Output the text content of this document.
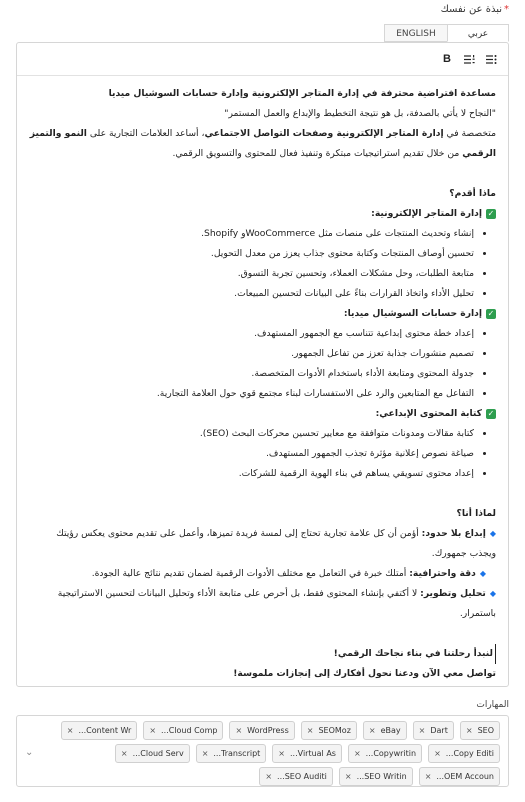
*نبذة عن نفسك
عربي
ENGLISH
B

مساعدة افتراضية محترفة في إدارة المتاجر الإلكترونية وإدارة حسابات السوشيال ميديا

"النجاح لا يأتي بالصدفة، بل هو نتيجة التخطيط والإبداع والعمل المستمر"

متخصصة في إدارة المتاجر الإلكترونية وصفحات التواصل الاجتماعي، أساعد العلامات التجارية على النمو والتميز

الرقمي من خلال تقديم استراتيجيات مبتكرة وتنفيذ فعال للمحتوى والتسويق الرقمي.

ماذا أقدم؟

✓
إدارة المتاجر الإلكترونية:

• إنشاء وتحديث المنتجات على منصات مثل WooCommerceو Shopify.
• تحسين أوصاف المنتجات وكتابة محتوى جذاب يعزز من معدل التحويل.
• متابعة الطلبات، وحل مشكلات العملاء، وتحسين تجربة التسوق.
• تحليل الأداء واتخاذ القرارات بناءً على البيانات لتحسين المبيعات.

✓
إدارة حسابات السوشيال ميديا:

• إعداد خطة محتوى إبداعية تتناسب مع الجمهور المستهدف.
• تصميم منشورات جذابة تعزز من تفاعل الجمهور.
• جدولة المحتوى ومتابعة الأداء باستخدام الأدوات المتخصصة.
• التفاعل مع المتابعين والرد على الاستفسارات لبناء مجتمع قوي حول العلامة التجارية.

✓
كتابة المحتوى الإبداعي:

• كتابة مقالات ومدونات متوافقة مع معايير تحسين محركات البحث (SEO).
• صياغة نصوص إعلانية مؤثرة تجذب الجمهور المستهدف.
• إعداد محتوى تسويقي يساهم في بناء الهوية الرقمية للشركات.

لماذا أنا؟

◆إبداع بلا حدود: أؤمن أن كل علامة تجارية تحتاج إلى لمسة فريدة تميزها، وأعمل على تقديم محتوى يعكس رؤيتك

ويجذب جمهورك.

◆دقة واحترافية: أمتلك خبرة في التعامل مع مختلف الأدوات الرقمية لضمان تقديم نتائج عالية الجودة.

◆تحليل وتطوير: لا أكتفي بإنشاء المحتوى فقط، بل أحرص على متابعة الأداء وتحليل البيانات لتحسين الاستراتيجية

باستمرار.

لنبدأ رحلتنا في بناء نجاحك الرقمي!

تواصل معي الآن ودعنا نحول أفكارك إلى إنجازات ملموسة!

المهارات
SEO
×
Dart
×
eBay
×
SEOMoz
×
WordPress
×
Cloud Comp...
×
Content Wr...
×
Copy Editi...
×
Copywritin...
×
Virtual As...
×
Transcript...
×
Cloud Serv...
×
OEM Accoun...
×
SEO Writin...
×
SEO Auditi...
×
⌄
